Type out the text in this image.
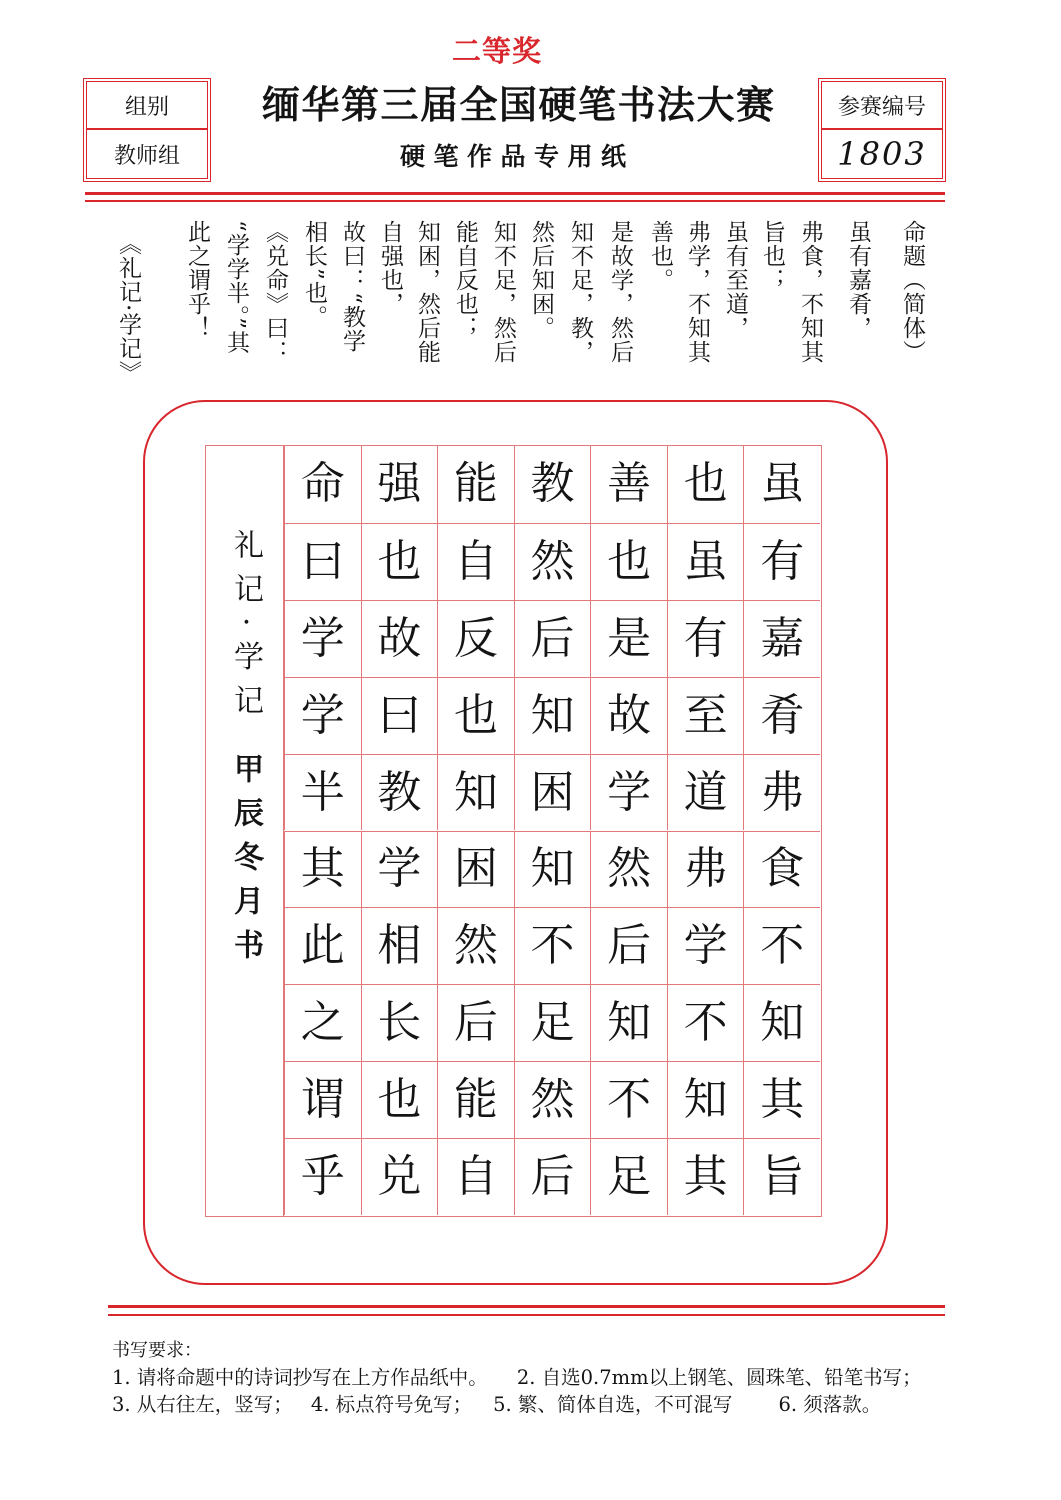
二等奖
组别
教师组
缅华第三届全国硬笔书法大赛
硬笔作品专用纸
参赛编号
1803
命题（简体）
虽有嘉肴，
弗食，不知其
旨也；
虽有至道，
弗学，不知其
善也。
是故学，然后
知不足，教，
然后知困。
知不足，然后
能自反也；
知困，然后能
自强也，
故曰：“教学
相长”也。
《兑命》曰：
“学学半。”其
此之谓乎！
《礼记·学记》
礼记·学记
甲辰冬月书
虽
有
嘉
肴
弗
食
不
知
其
旨
也
虽
有
至
道
弗
学
不
知
其
善
也
是
故
学
然
后
知
不
足
教
然
后
知
困
知
不
足
然
后
能
自
反
也
知
困
然
后
能
自
强
也
故
曰
教
学
相
长
也
兑
命
曰
学
学
半
其
此
之
谓
乎
书写要求：
1. 请将命题中的诗词抄写在上方作品纸中。 2. 自选0.7mm以上钢笔、圆珠笔、铅笔书写；
3. 从右往左，竖写； 4. 标点符号免写； 5. 繁、简体自选，不可混写 6. 须落款。
